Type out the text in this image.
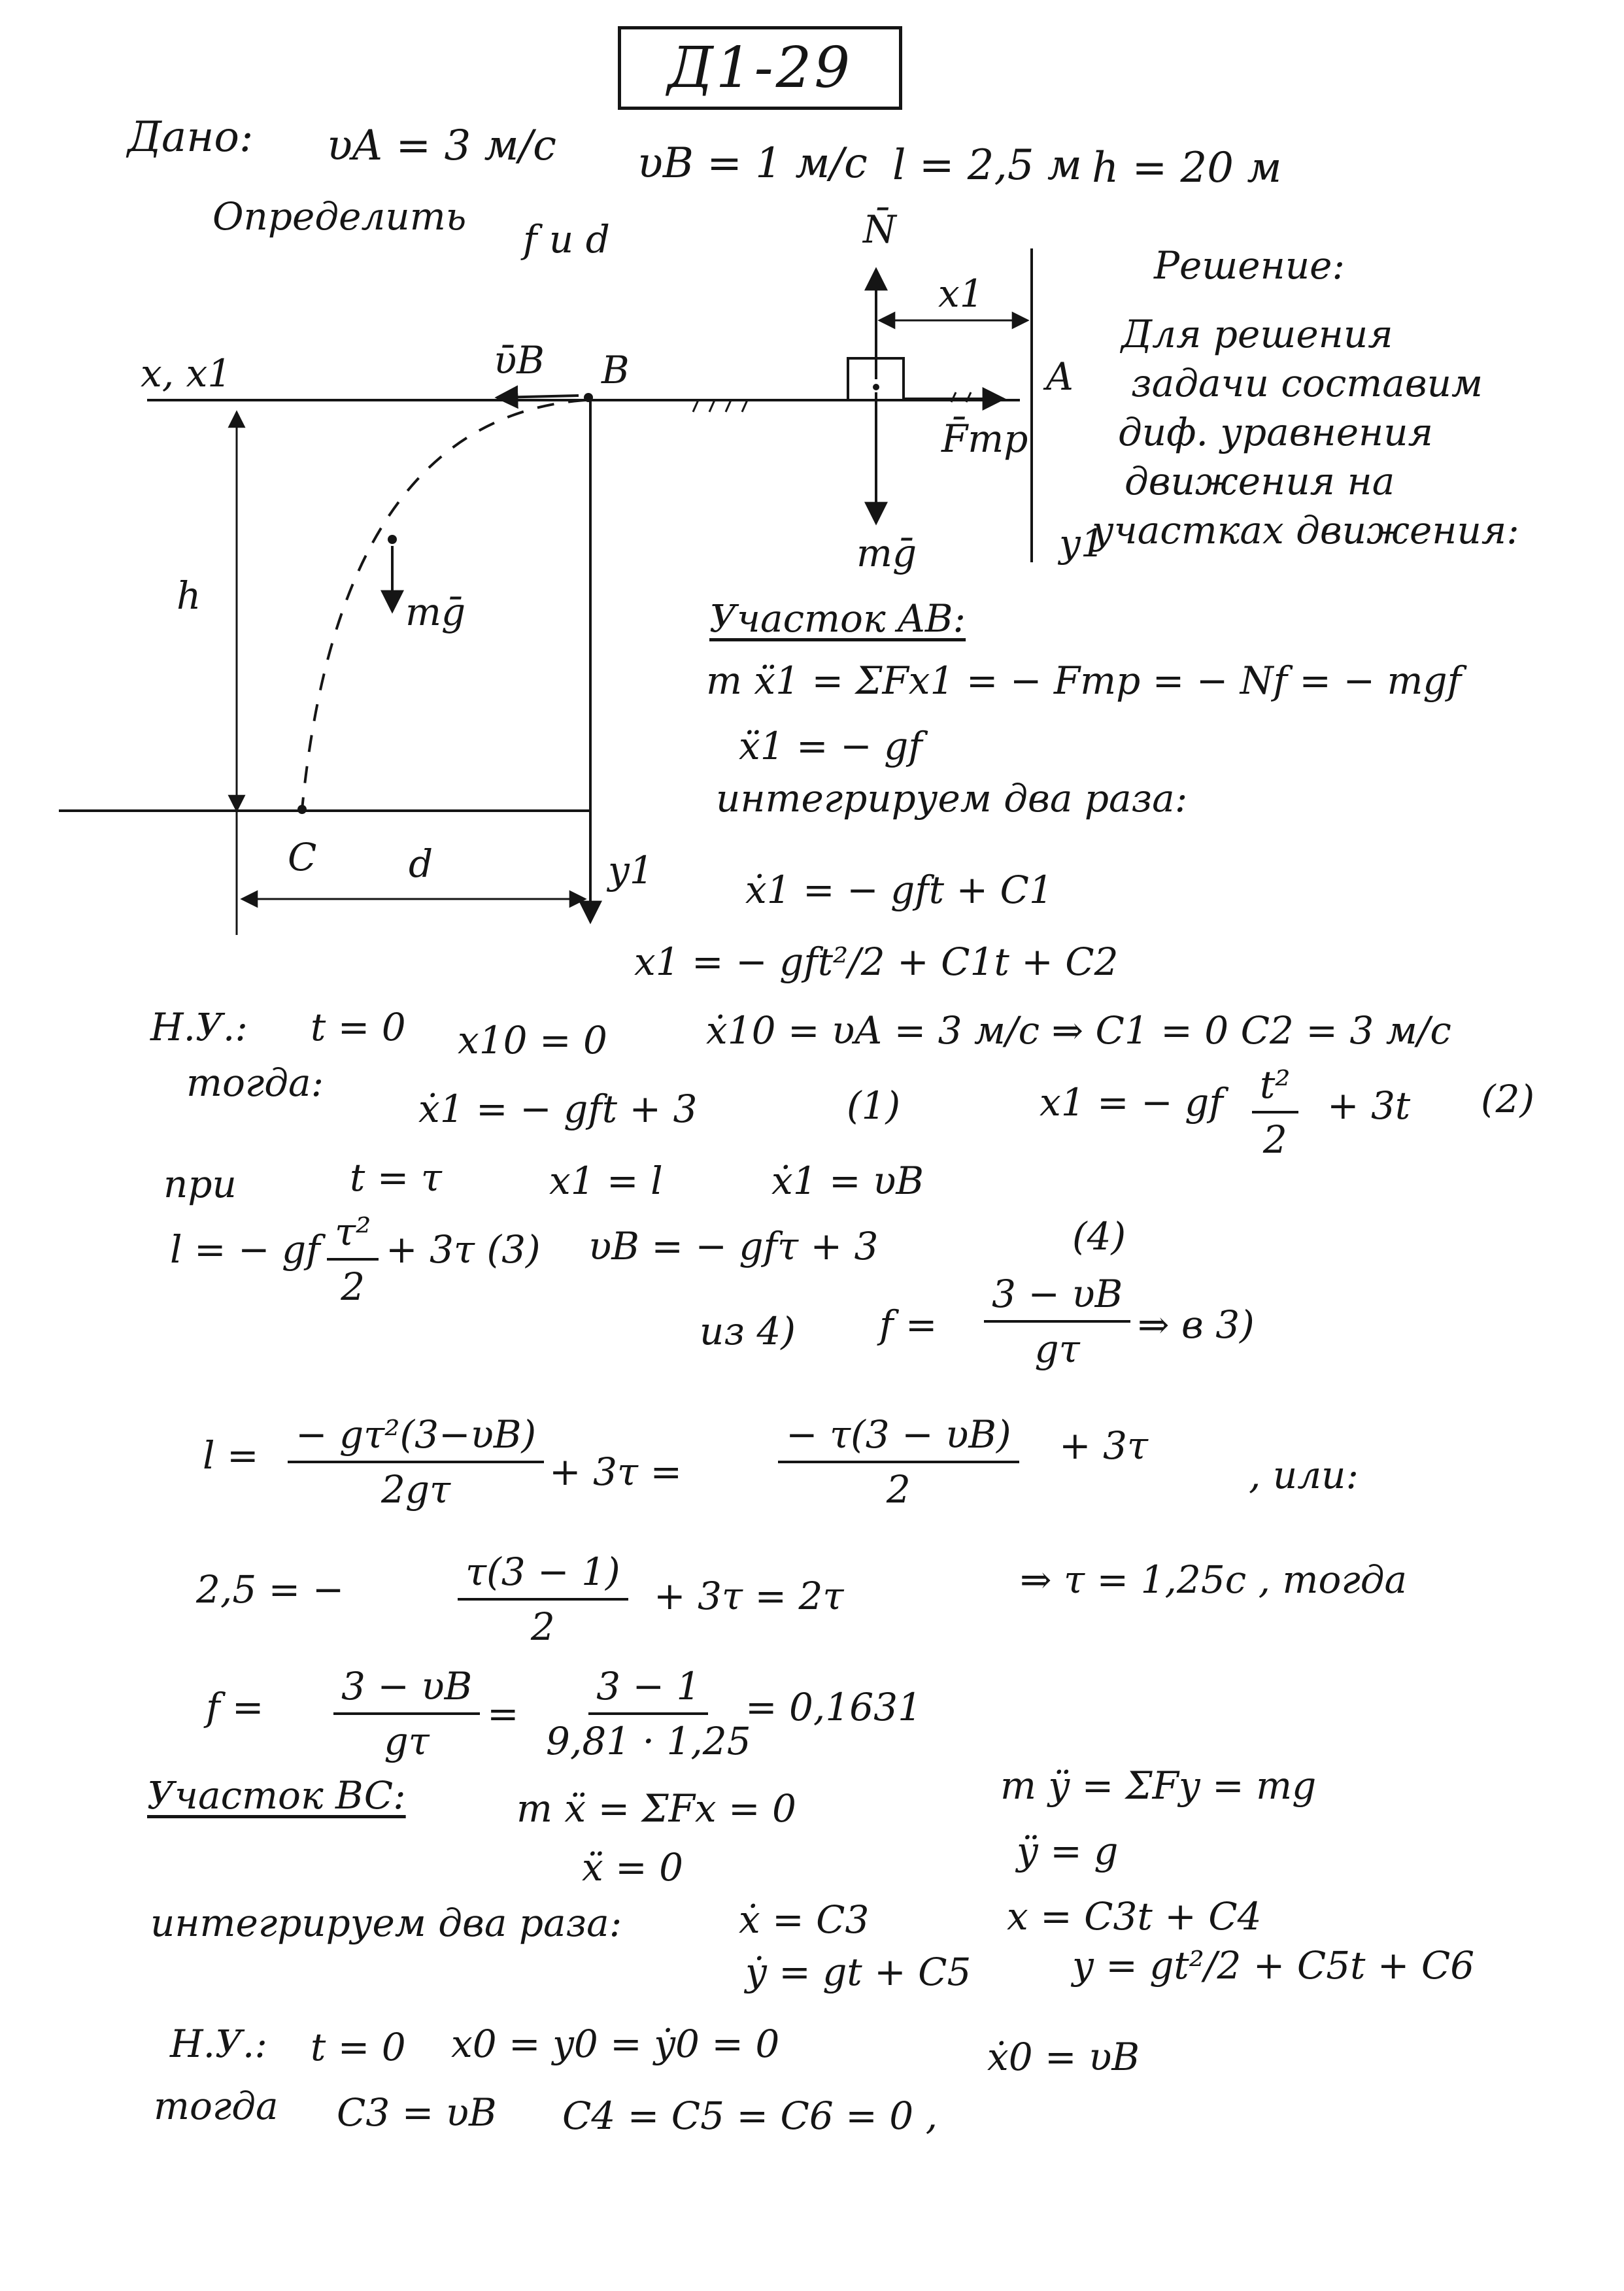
Д1-29
Дано: υA = 3 м/с υB = 1 м/с l = 2,5 м h = 20 м
Определить
f и d
x, x1	ῡB B	A
N̄
x1
F̄тр
mḡ	y1
h	mḡ
C d	y1
Решение:
Для решения
задачи составим
диф. уравнения
движения на
участках движения:
Участок AB:
m ẍ1 = ΣFx1 = − Fтр = − Nf = − mgf
ẍ1 = − gf
интегрируем два раза:
ẋ1 = − gft + C1
x1 = − gft²/2 + C1t + C2
Н.У.: t = 0 x10 = 0	ẋ10 = υA = 3 м/с ⇒ C1 = 0 C2 = 3 м/с
тогда:
ẋ1 = − gft + 3	(1)	x1 = − gf $\frac{\text{t²}}{2} + 3t$ (2)
при	t = τ	x1 = l	ẋ1 = υB
l = − gf $\frac{\text{τ²}}{2} + 3\tau$ (3) υB = − gfτ + 3	(4)
из 4) $f = \frac{3 - \upsilon B}{g\tau}$ ⇒ в 3)
$l = \frac{\text{− gτ²(3−υB)}}{2g\tau} + 3\tau$ =	$\frac{- \tau(3 - \upsilon B)}{2} + 3\tau$
, или:
2,5 = −	$\frac{\tau(3 - 1)}{2} + 3\tau = 2\tau$	⇒ τ = 1,25с , тогда
$f = \frac{3 - \upsilon B}{g\tau} = \frac{3 - 1}{9,81 \cdot 1,25}$
= 0,1631
Участок BC:	m ẍ = ΣFx = 0
m ÿ = ΣFy = mg
ẍ = 0	ÿ = g
интегрируем два раза:	ẋ = C3	x = C3t + C4
ẏ = gt + C5	y = gt²/2 + C5t + C6
Н.У.: t = 0 x0 = y0 = ẏ0 = 0	ẋ0 = υB
тогда C3 = υB C4 = C5 = C6 = 0 ,
